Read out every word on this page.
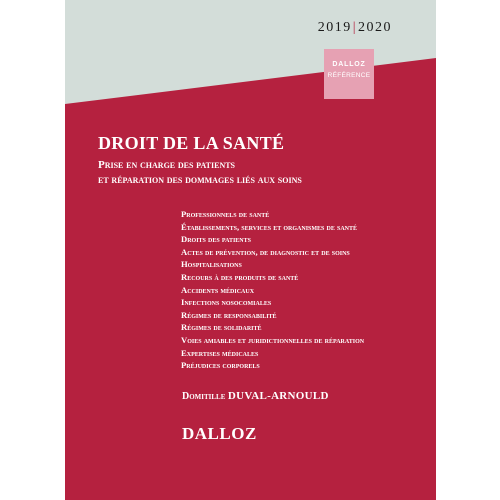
2019|2020
DALLOZ
RÉFÉRENCE
DROIT DE LA SANTÉ
Prise en charge des patients
et réparation des dommages liés aux soins
Professionnels de santé
Établissements, services et organismes de santé
Droits des patients
Actes de prévention, de diagnostic et de soins
Hospitalisations
Recours à des produits de santé
Accidents médicaux
Infections nosocomiales
Régimes de responsabilité
Régimes de solidarité
Voies amiables et juridictionnelles de réparation
Expertises médicales
Préjudices corporels
Domitille DUVAL-ARNOULD
DALLOZ
